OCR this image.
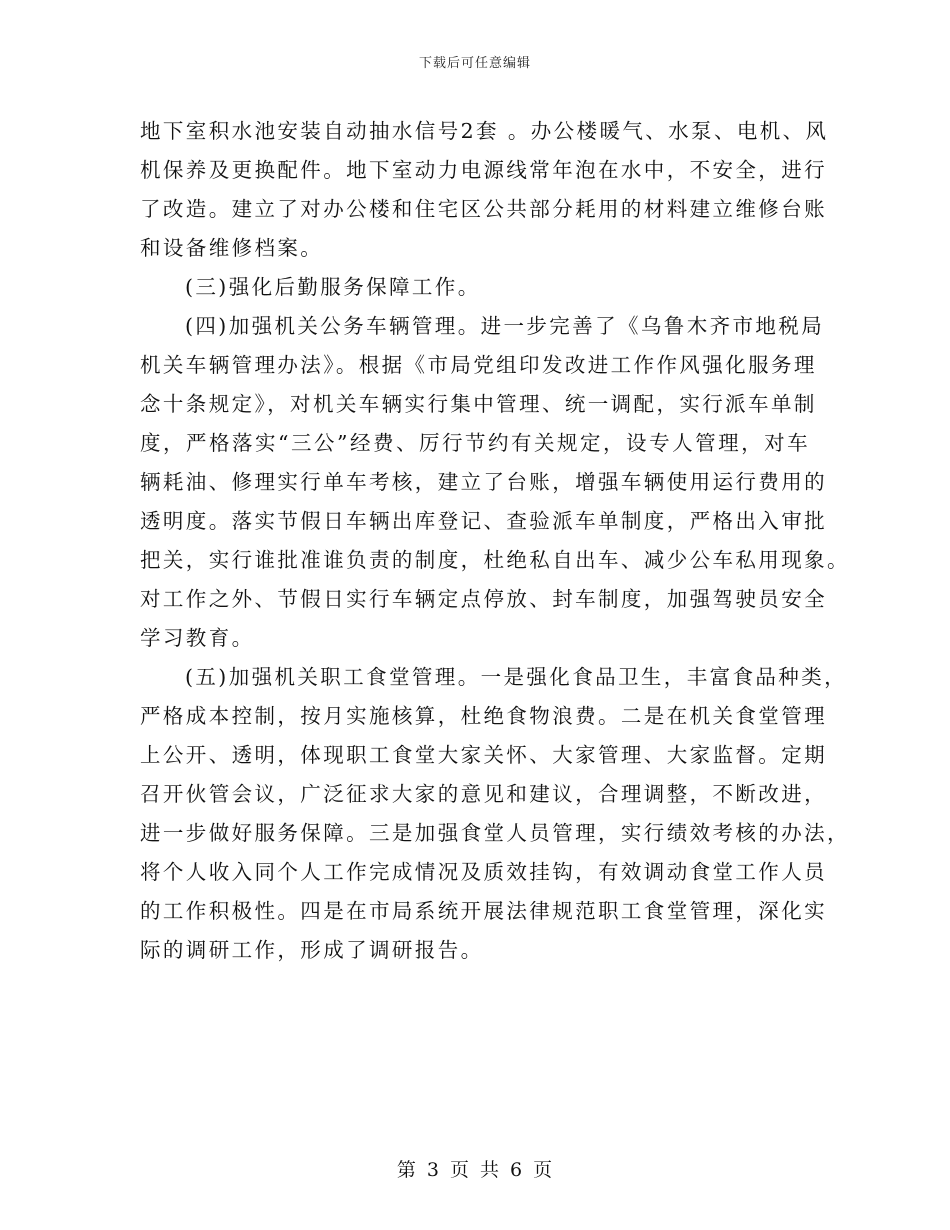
下载后可任意编辑
地下室积水池安装自动抽水信号2套 。办公楼暖气、水泵、电机、风
机保养及更换配件。地下室动力电源线常年泡在水中，不安全，进行
了改造。建立了对办公楼和住宅区公共部分耗用的材料建立维修台账
和设备维修档案。
(三)强化后勤服务保障工作。
(四)加强机关公务车辆管理。进一步完善了《乌鲁木齐市地税局
机关车辆管理办法》。根据《市局党组印发改进工作作风强化服务理
念十条规定》，对机关车辆实行集中管理、统一调配，实行派车单制
度，严格落实“三公”经费、厉行节约有关规定，设专人管理，对车
辆耗油、修理实行单车考核，建立了台账，增强车辆使用运行费用的
透明度。落实节假日车辆出库登记、查验派车单制度，严格出入审批
把关，实行谁批准谁负责的制度，杜绝私自出车、减少公车私用现象。
对工作之外、节假日实行车辆定点停放、封车制度，加强驾驶员安全
学习教育。
(五)加强机关职工食堂管理。一是强化食品卫生，丰富食品种类，
严格成本控制，按月实施核算，杜绝食物浪费。二是在机关食堂管理
上公开、透明，体现职工食堂大家关怀、大家管理、大家监督。定期
召开伙管会议，广泛征求大家的意见和建议，合理调整，不断改进，
进一步做好服务保障。三是加强食堂人员管理，实行绩效考核的办法，
将个人收入同个人工作完成情况及质效挂钩，有效调动食堂工作人员
的工作积极性。四是在市局系统开展法律规范职工食堂管理，深化实
际的调研工作，形成了调研报告。
第 3 页 共 6 页
